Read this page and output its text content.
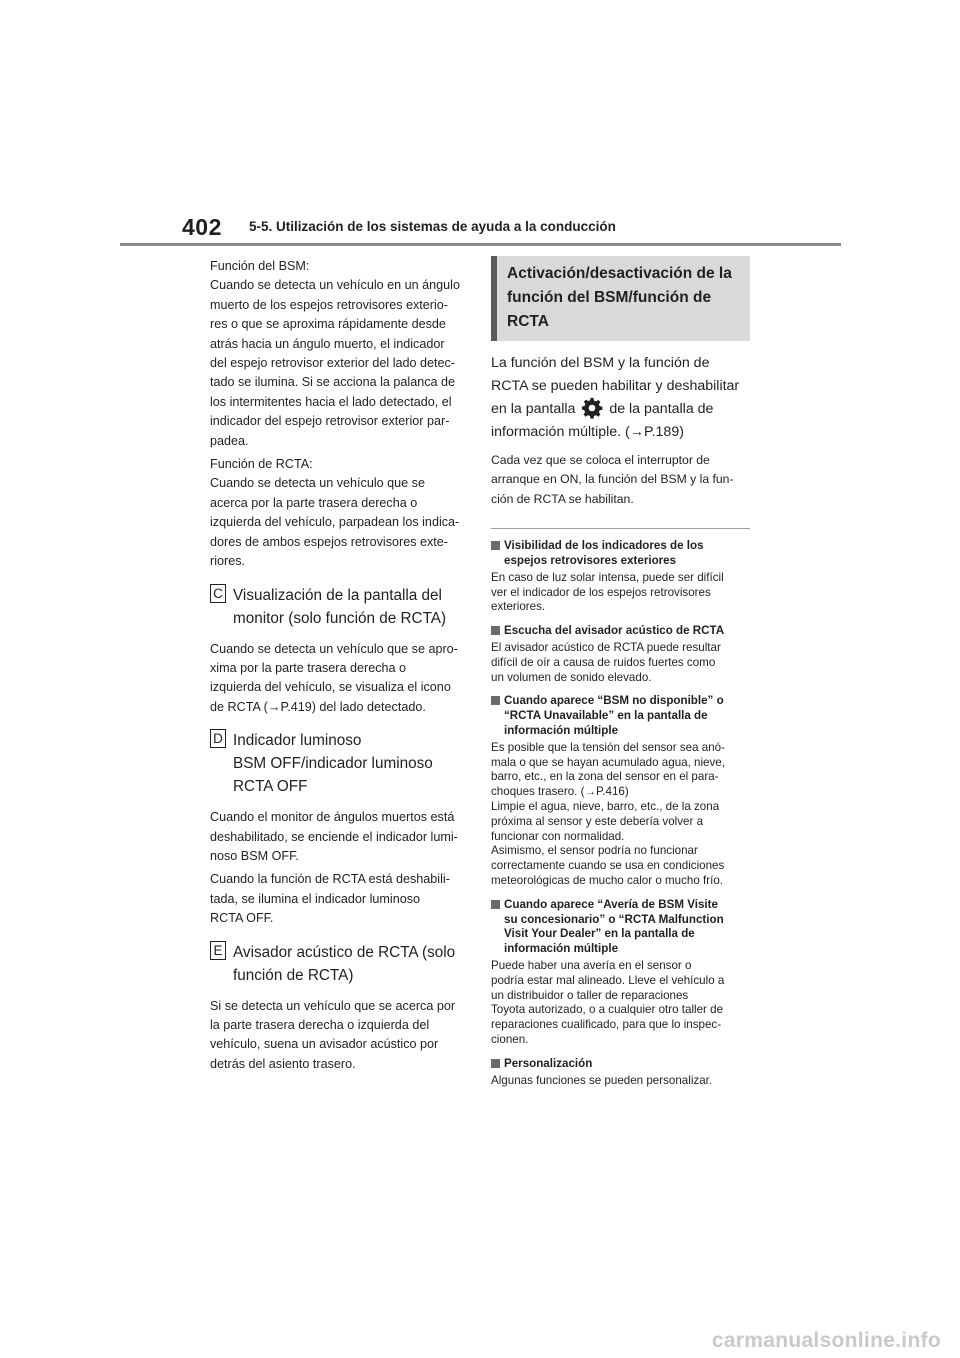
402 5-5. Utilización de los sistemas de ayuda a la conducción

Función del BSM:
Cuando se detecta un vehículo en un ángulo
muerto de los espejos retrovisores exterio-
res o que se aproxima rápidamente desde
atrás hacia un ángulo muerto, el indicador
del espejo retrovisor exterior del lado detec-
tado se ilumina. Si se acciona la palanca de
los intermitentes hacia el lado detectado, el
indicador del espejo retrovisor exterior par-
padea.

Función de RCTA:
Cuando se detecta un vehículo que se
acerca por la parte trasera derecha o
izquierda del vehículo, parpadean los indica-
dores de ambos espejos retrovisores exte-
riores.

C Visualización de la pantalla del
monitor (solo función de RCTA)

Cuando se detecta un vehículo que se apro-
xima por la parte trasera derecha o
izquierda del vehículo, se visualiza el icono
de RCTA (→P.419) del lado detectado.

D Indicador luminoso
BSM OFF/indicador luminoso
RCTA OFF

Cuando el monitor de ángulos muertos está
deshabilitado, se enciende el indicador lumi-
noso BSM OFF.

Cuando la función de RCTA está deshabili-
tada, se ilumina el indicador luminoso
RCTA OFF.

E Avisador acústico de RCTA (solo
función de RCTA)

Si se detecta un vehículo que se acerca por
la parte trasera derecha o izquierda del
vehículo, suena un avisador acústico por
detrás del asiento trasero.

Activación/desactivación de la
función del BSM/función de
RCTA
La función del BSM y la función de
RCTA se pueden habilitar y deshabilitar
en la pantalla de la pantalla de
información múltiple. (→P.189)
Cada vez que se coloca el interruptor de
arranque en ON, la función del BSM y la fun-
ción de RCTA se habilitan.
Visibilidad de los indicadores de los
espejos retrovisores exteriores
En caso de luz solar intensa, puede ser difícil
ver el indicador de los espejos retrovisores
exteriores.
Escucha del avisador acústico de RCTA
El avisador acústico de RCTA puede resultar
difícil de oír a causa de ruidos fuertes como
un volumen de sonido elevado.
Cuando aparece “BSM no disponible” o
“RCTA Unavailable” en la pantalla de
información múltiple
Es posible que la tensión del sensor sea anó-
mala o que se hayan acumulado agua, nieve,
barro, etc., en la zona del sensor en el para-
choques trasero. (→P.416)
Limpie el agua, nieve, barro, etc., de la zona
próxima al sensor y este debería volver a
funcionar con normalidad.
Asimismo, el sensor podría no funcionar
correctamente cuando se usa en condiciones
meteorológicas de mucho calor o mucho frío.
Cuando aparece “Avería de BSM Visite
su concesionario” o “RCTA Malfunction
Visit Your Dealer” en la pantalla de
información múltiple
Puede haber una avería en el sensor o
podría estar mal alineado. Lleve el vehículo a
un distribuidor o taller de reparaciones
Toyota autorizado, o a cualquier otro taller de
reparaciones cualificado, para que lo inspec-
cionen.
Personalización
Algunas funciones se pueden personalizar.
carmanualsonline.info
